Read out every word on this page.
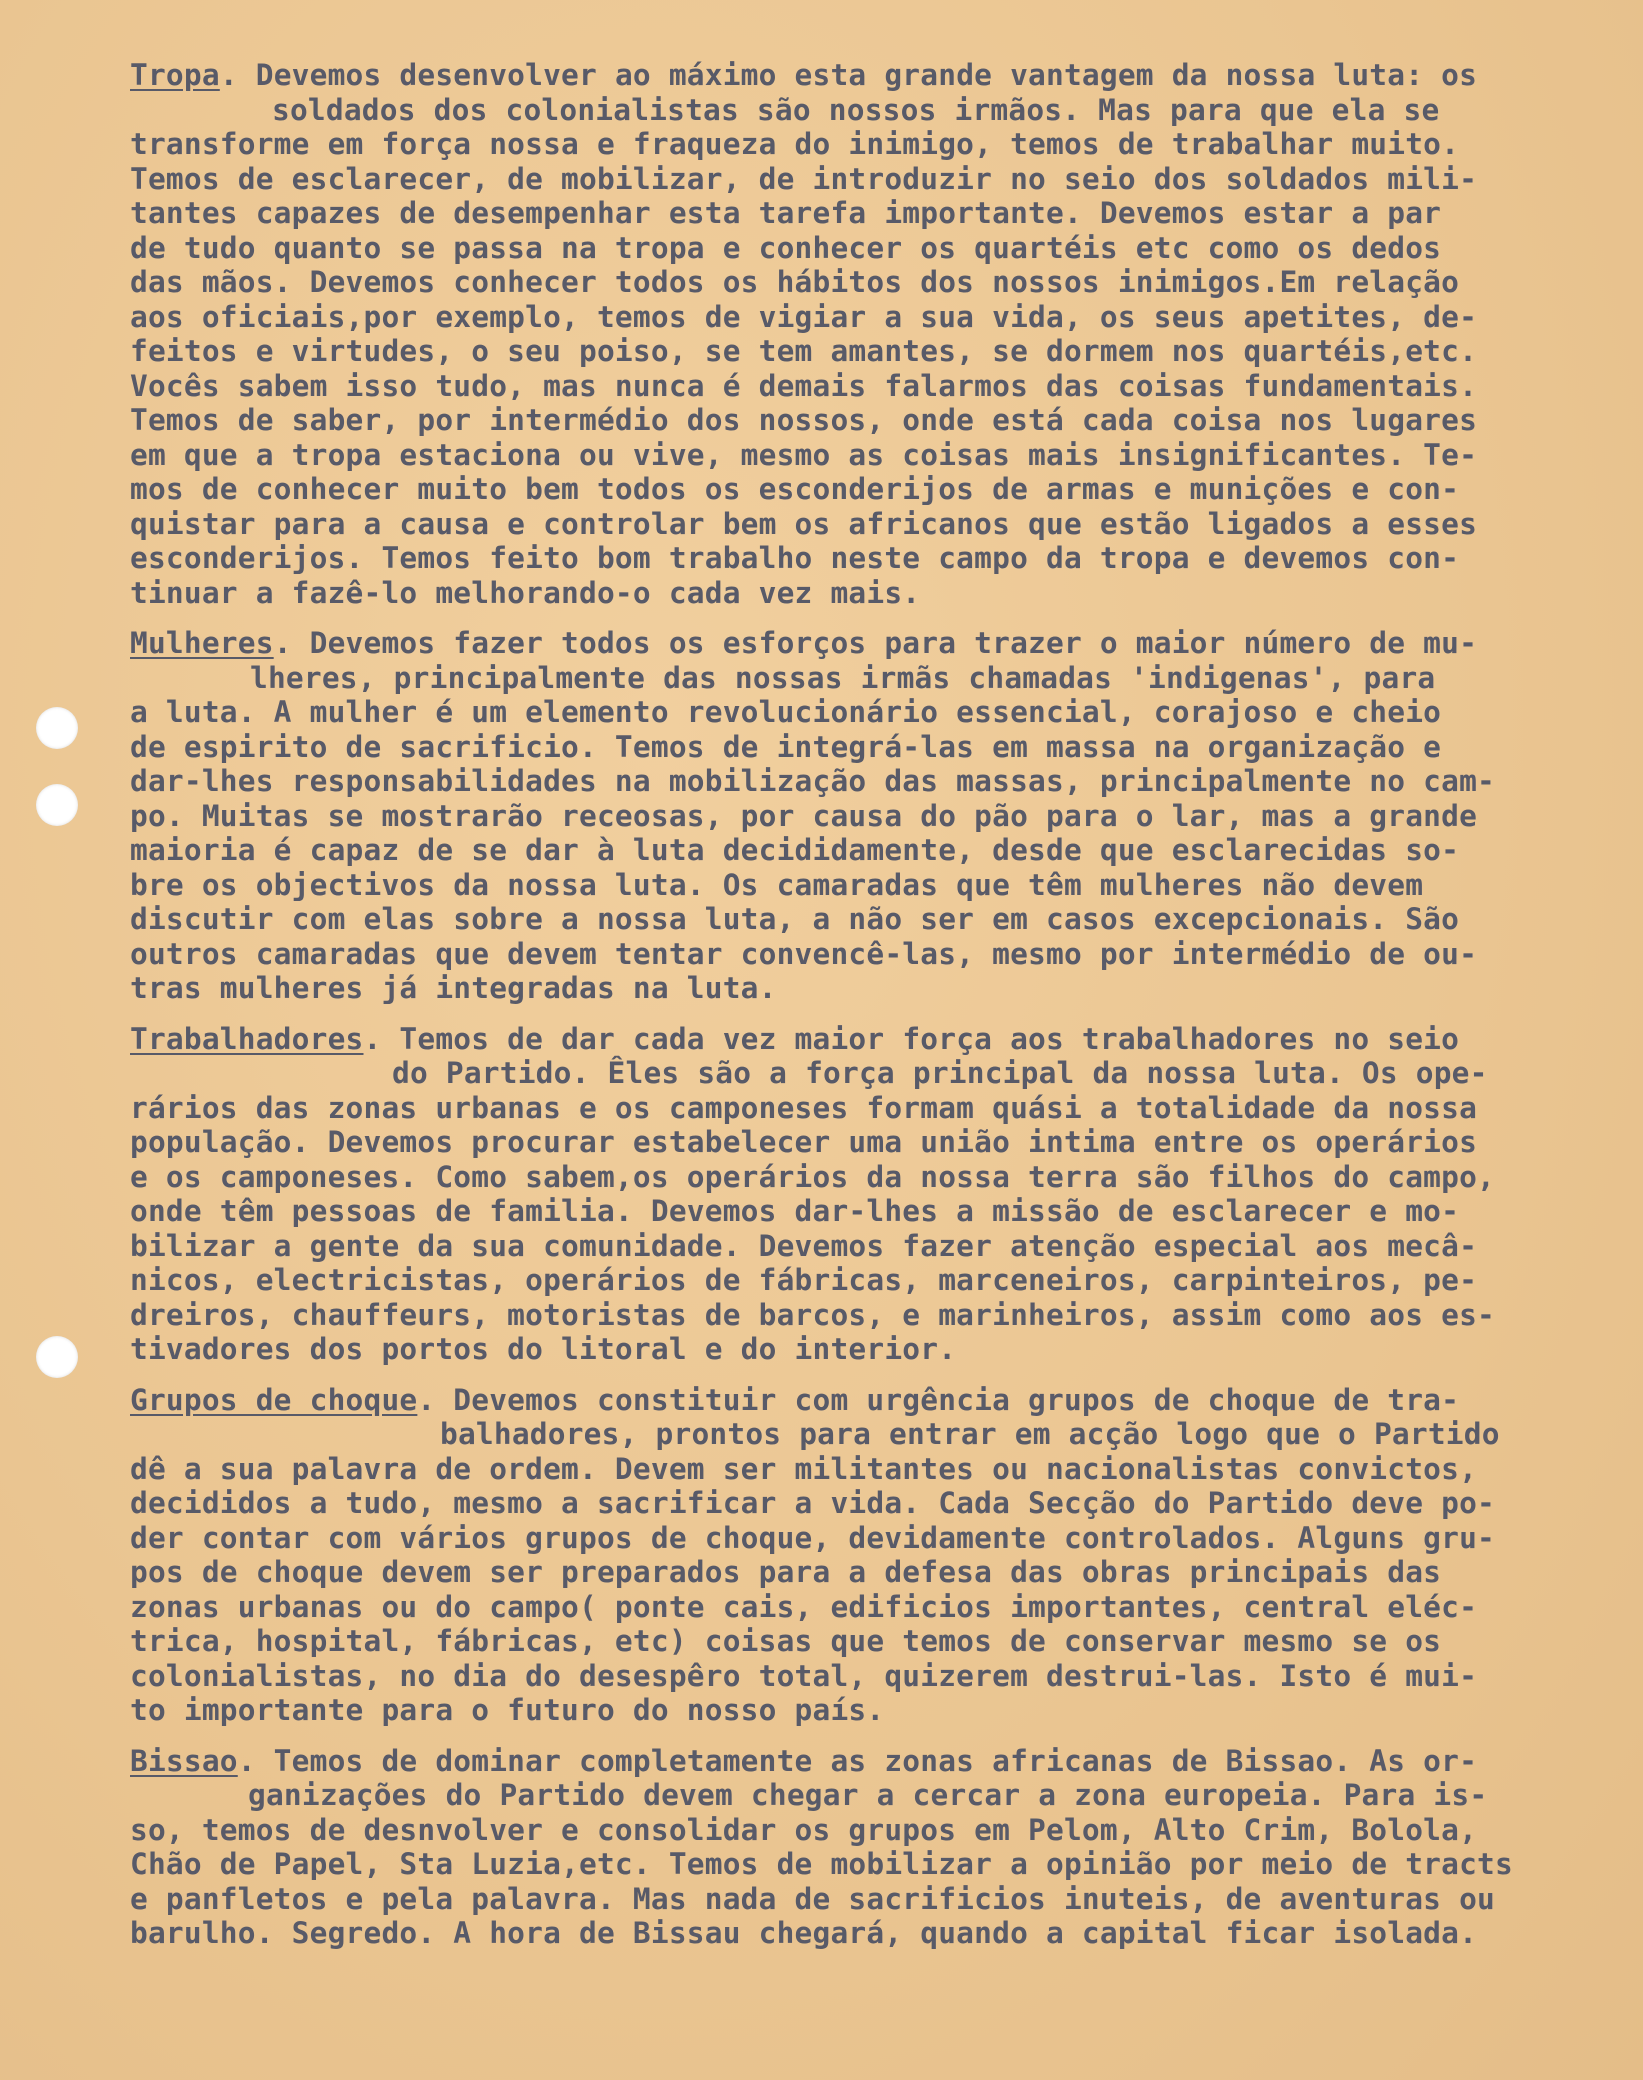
Tropa. Devemos desenvolver ao máximo esta grande vantagem da nossa luta: os
soldados dos colonialistas são nossos irmãos. Mas para que ela se
transforme em força nossa e fraqueza do inimigo, temos de trabalhar muito.
Temos de esclarecer, de mobilizar, de introduzir no seio dos soldados mili-
tantes capazes de desempenhar esta tarefa importante. Devemos estar a par
de tudo quanto se passa na tropa e conhecer os quartéis etc como os dedos
das mãos. Devemos conhecer todos os hábitos dos nossos inimigos.Em relação
aos oficiais,por exemplo, temos de vigiar a sua vida, os seus apetites, de-
feitos e virtudes, o seu poiso, se tem amantes, se dormem nos quartéis,etc.
Vocês sabem isso tudo, mas nunca é demais falarmos das coisas fundamentais.
Temos de saber, por intermédio dos nossos, onde está cada coisa nos lugares
em que a tropa estaciona ou vive, mesmo as coisas mais insignificantes. Te-
mos de conhecer muito bem todos os esconderijos de armas e munições e con-
quistar para a causa e controlar bem os africanos que estão ligados a esses
esconderijos. Temos feito bom trabalho neste campo da tropa e devemos con-
tinuar a fazê-lo melhorando-o cada vez mais.
Mulheres. Devemos fazer todos os esforços para trazer o maior número de mu-
lheres, principalmente das nossas irmãs chamadas 'indigenas', para
a luta. A mulher é um elemento revolucionário essencial, corajoso e cheio
de espirito de sacrificio. Temos de integrá-las em massa na organização e
dar-lhes responsabilidades na mobilização das massas, principalmente no cam-
po. Muitas se mostrarão receosas, por causa do pão para o lar, mas a grande
maioria é capaz de se dar à luta decididamente, desde que esclarecidas so-
bre os objectivos da nossa luta. Os camaradas que têm mulheres não devem
discutir com elas sobre a nossa luta, a não ser em casos excepcionais. São
outros camaradas que devem tentar convencê-las, mesmo por intermédio de ou-
tras mulheres já integradas na luta.
Trabalhadores. Temos de dar cada vez maior força aos trabalhadores no seio
do Partido. Êles são a força principal da nossa luta. Os ope-
rários das zonas urbanas e os camponeses formam quási a totalidade da nossa
população. Devemos procurar estabelecer uma união intima entre os operários
e os camponeses. Como sabem,os operários da nossa terra são filhos do campo,
onde têm pessoas de familia. Devemos dar-lhes a missão de esclarecer e mo-
bilizar a gente da sua comunidade. Devemos fazer atenção especial aos mecâ-
nicos, electricistas, operários de fábricas, marceneiros, carpinteiros, pe-
dreiros, chauffeurs, motoristas de barcos, e marinheiros, assim como aos es-
tivadores dos portos do litoral e do interior.
Grupos de choque. Devemos constituir com urgência grupos de choque de tra-
balhadores, prontos para entrar em acção logo que o Partido
dê a sua palavra de ordem. Devem ser militantes ou nacionalistas convictos,
decididos a tudo, mesmo a sacrificar a vida. Cada Secção do Partido deve po-
der contar com vários grupos de choque, devidamente controlados. Alguns gru-
pos de choque devem ser preparados para a defesa das obras principais das
zonas urbanas ou do campo( ponte cais, edificios importantes, central eléc-
trica, hospital, fábricas, etc) coisas que temos de conservar mesmo se os
colonialistas, no dia do desespêro total, quizerem destrui-las. Isto é mui-
to importante para o futuro do nosso país.
Bissao. Temos de dominar completamente as zonas africanas de Bissao. As or-
ganizações do Partido devem chegar a cercar a zona europeia. Para is-
so, temos de desnvolver e consolidar os grupos em Pelom, Alto Crim, Bolola,
Chão de Papel, Sta Luzia,etc. Temos de mobilizar a opinião por meio de tracts
e panfletos e pela palavra. Mas nada de sacrificios inuteis, de aventuras ou
barulho. Segredo. A hora de Bissau chegará, quando a capital ficar isolada.
